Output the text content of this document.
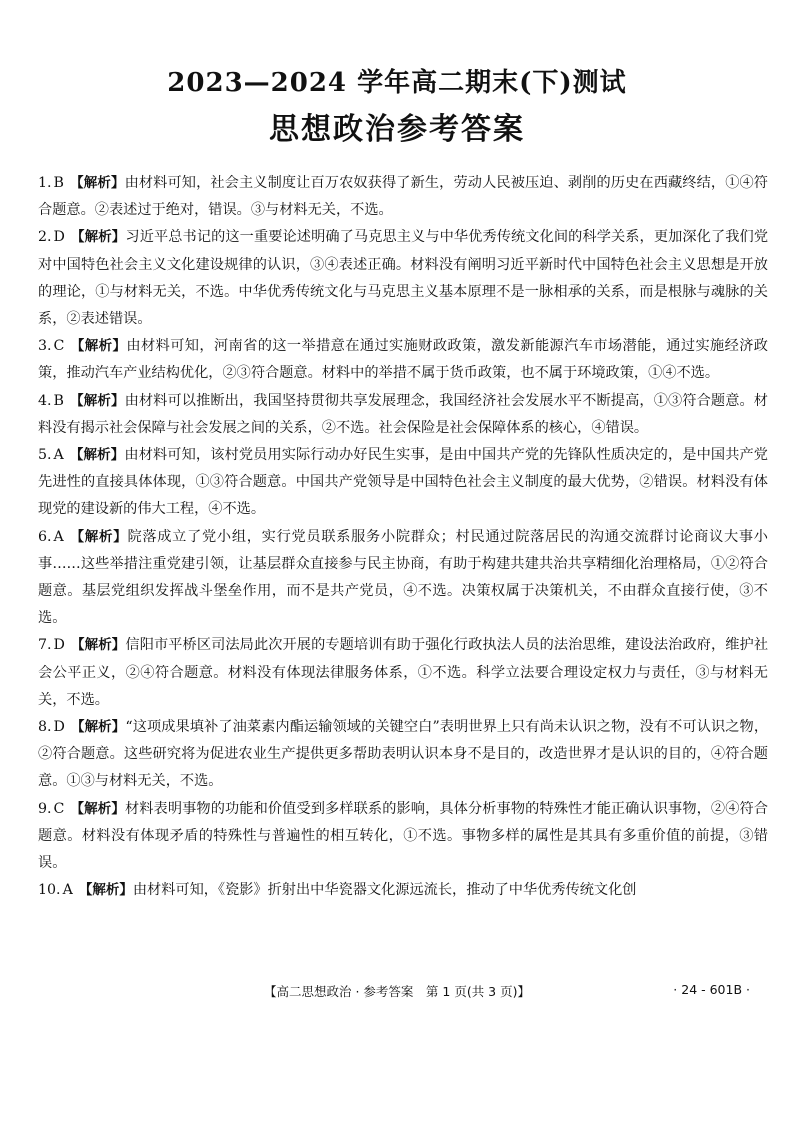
2023—2024 学年高二期末(下)测试
思想政治参考答案

1. B 【解析】由材料可知，社会主义制度让百万农奴获得了新生，劳动人民被压迫、剥削的历史在西藏终结，①④符合题意。②表述过于绝对，错误。③与材料无关，不选。

2. D 【解析】习近平总书记的这一重要论述明确了马克思主义与中华优秀传统文化间的科学关系，更加深化了我们党对中国特色社会主义文化建设规律的认识，③④表述正确。材料没有阐明习近平新时代中国特色社会主义思想是开放的理论，①与材料无关，不选。中华优秀传统文化与马克思主义基本原理不是一脉相承的关系，而是根脉与魂脉的关系，②表述错误。

3. C 【解析】由材料可知，河南省的这一举措意在通过实施财政政策，激发新能源汽车市场潜能，通过实施经济政策，推动汽车产业结构优化，②③符合题意。材料中的举措不属于货币政策，也不属于环境政策，①④不选。

4. B 【解析】由材料可以推断出，我国坚持贯彻共享发展理念，我国经济社会发展水平不断提高，①③符合题意。材料没有揭示社会保障与社会发展之间的关系，②不选。社会保险是社会保障体系的核心，④错误。

5. A 【解析】由材料可知，该村党员用实际行动办好民生实事，是由中国共产党的先锋队性质决定的，是中国共产党先进性的直接具体体现，①③符合题意。中国共产党领导是中国特色社会主义制度的最大优势，②错误。材料没有体现党的建设新的伟大工程，④不选。

6. A 【解析】院落成立了党小组，实行党员联系服务小院群众；村民通过院落居民的沟通交流群讨论商议大事小事……这些举措注重党建引领，让基层群众直接参与民主协商，有助于构建共建共治共享精细化治理格局，①②符合题意。基层党组织发挥战斗堡垒作用，而不是共产党员，④不选。决策权属于决策机关，不由群众直接行使，③不选。

7. D 【解析】信阳市平桥区司法局此次开展的专题培训有助于强化行政执法人员的法治思维，建设法治政府，维护社会公平正义，②④符合题意。材料没有体现法律服务体系，①不选。科学立法要合理设定权力与责任，③与材料无关，不选。

8. D 【解析】“这项成果填补了油菜素内酯运输领域的关键空白”表明世界上只有尚未认识之物，没有不可认识之物，②符合题意。这些研究将为促进农业生产提供更多帮助表明认识本身不是目的，改造世界才是认识的目的，④符合题意。①③与材料无关，不选。

9. C 【解析】材料表明事物的功能和价值受到多样联系的影响，具体分析事物的特殊性才能正确认识事物，②④符合题意。材料没有体现矛盾的特殊性与普遍性的相互转化，①不选。事物多样的属性是其具有多重价值的前提，③错误。

10. A 【解析】由材料可知，《瓷影》折射出中华瓷器文化源远流长，推动了中华优秀传统文化创

【高二思想政治 · 参考答案　第 1 页(共 3 页)】	· 24 - 601B ·
